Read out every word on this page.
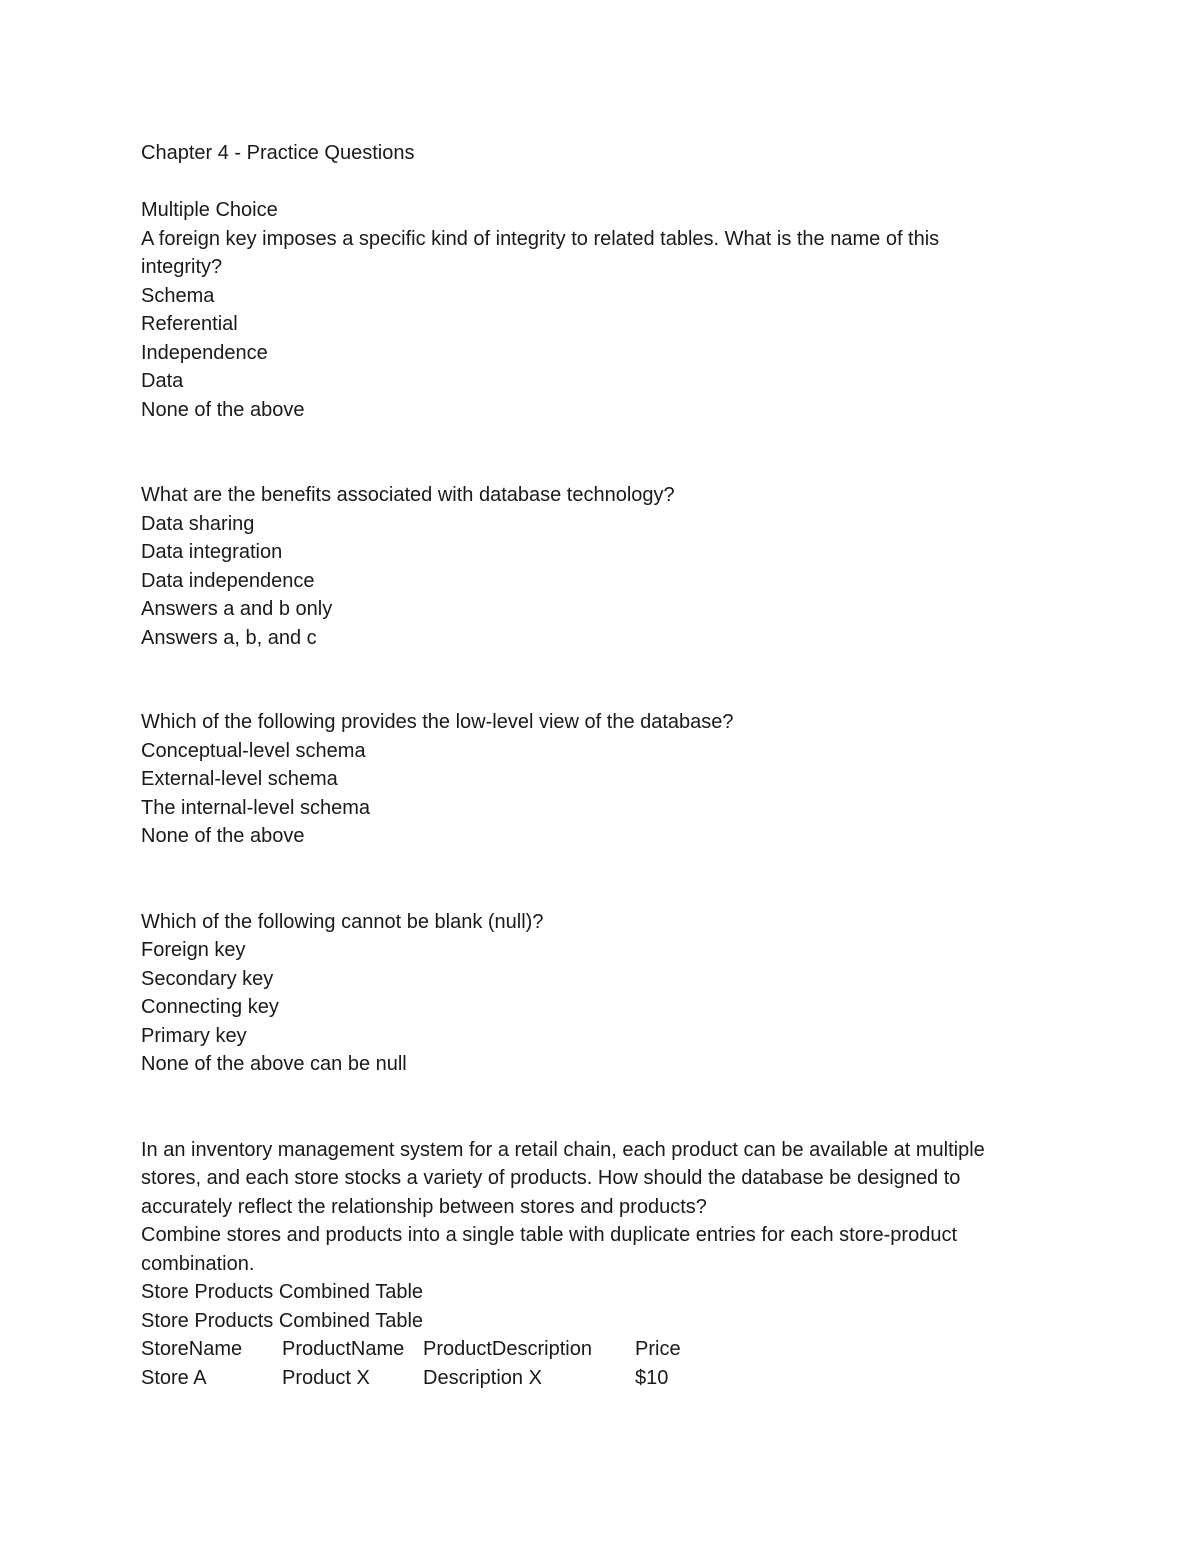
Chapter 4 - Practice Questions
Multiple Choice
A foreign key imposes a specific kind of integrity to related tables. What is the name of this
integrity?
Schema
Referential
Independence
Data
None of the above
What are the benefits associated with database technology?
Data sharing
Data integration
Data independence
Answers a and b only
Answers a, b, and c
Which of the following provides the low-level view of the database?
Conceptual-level schema
External-level schema
The internal-level schema
None of the above
Which of the following cannot be blank (null)?
Foreign key
Secondary key
Connecting key
Primary key
None of the above can be null
In an inventory management system for a retail chain, each product can be available at multiple
stores, and each store stocks a variety of products. How should the database be designed to
accurately reflect the relationship between stores and products?
Combine stores and products into a single table with duplicate entries for each store-product
combination.
Store Products Combined Table
Store Products Combined Table
StoreName ProductName ProductDescription Price
Store A	Product X	Description X	$10
